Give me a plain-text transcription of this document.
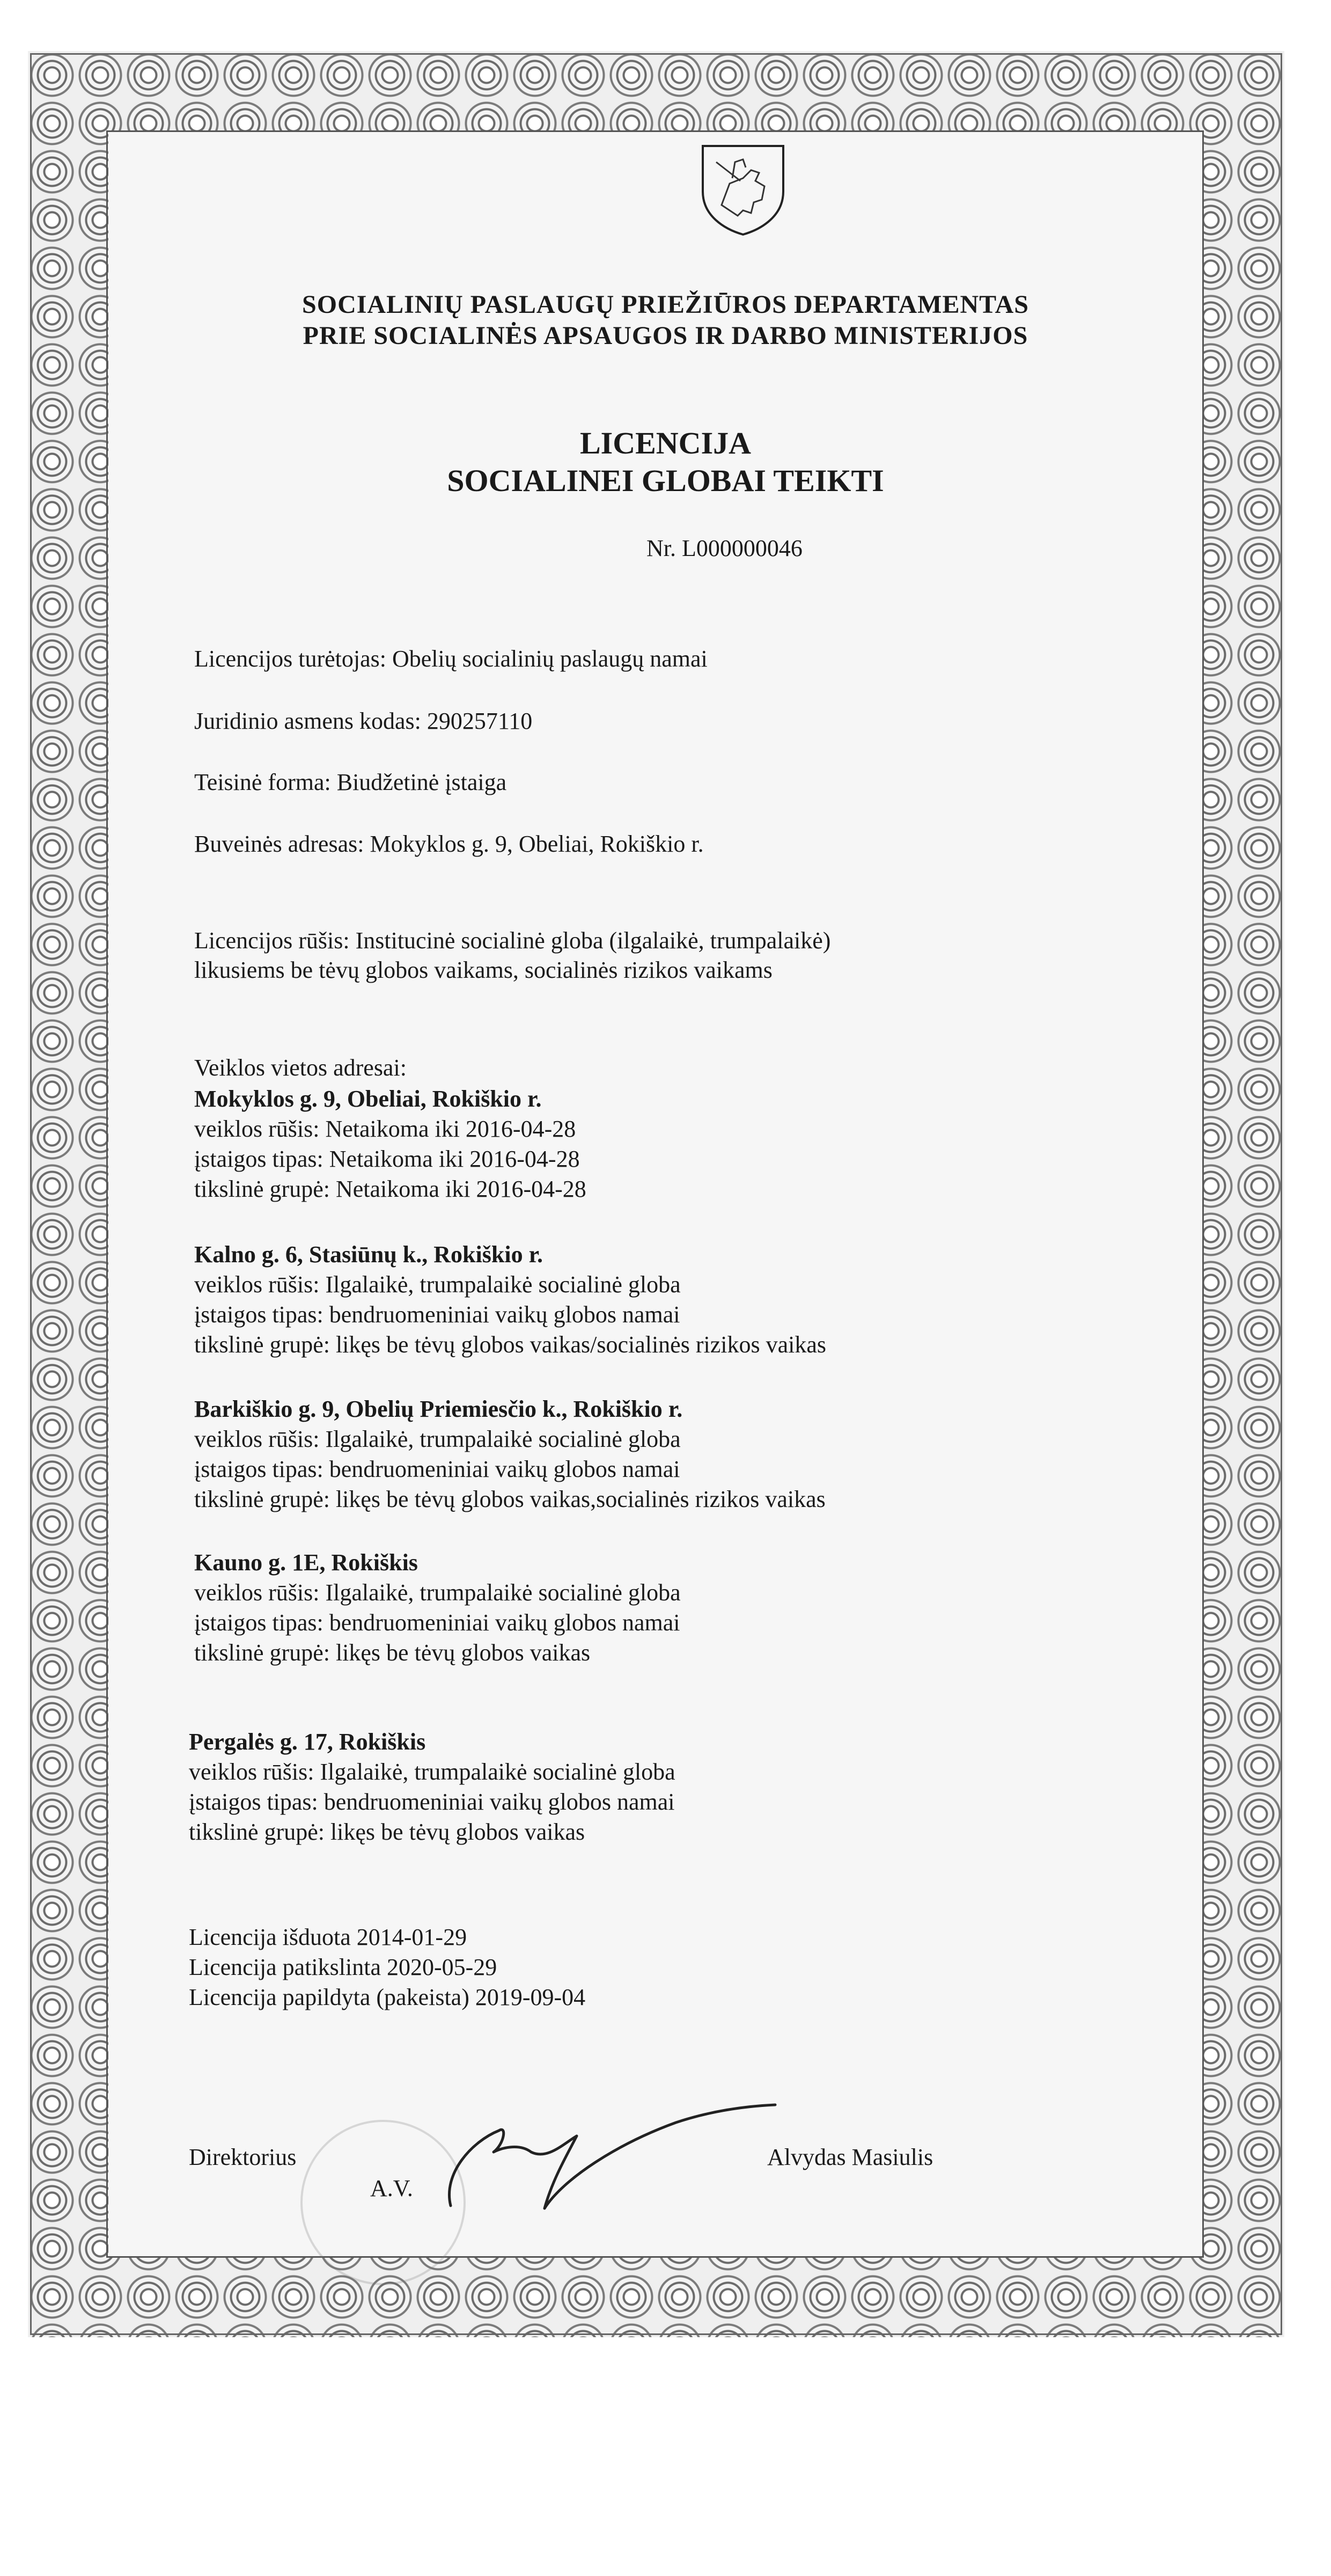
SOCIALINIŲ PASLAUGŲ PRIEŽIŪROS DEPARTAMENTAS
PRIE SOCIALINĖS APSAUGOS IR DARBO MINISTERIJOS
LICENCIJA
SOCIALINEI GLOBAI TEIKTI
Nr. L000000046
Licencijos turėtojas: Obelių socialinių paslaugų namai
Juridinio asmens kodas: 290257110
Teisinė forma: Biudžetinė įstaiga
Buveinės adresas: Mokyklos g. 9, Obeliai, Rokiškio r.
Licencijos rūšis: Institucinė socialinė globa (ilgalaikė, trumpalaikė)
likusiems be tėvų globos vaikams, socialinės rizikos vaikams
Veiklos vietos adresai:
Mokyklos g. 9, Obeliai, Rokiškio r.
veiklos rūšis: Netaikoma iki 2016-04-28
įstaigos tipas: Netaikoma iki 2016-04-28
tikslinė grupė: Netaikoma iki 2016-04-28
Kalno g. 6, Stasiūnų k., Rokiškio r.
veiklos rūšis: Ilgalaikė, trumpalaikė socialinė globa
įstaigos tipas: bendruomeniniai vaikų globos namai
tikslinė grupė: likęs be tėvų globos vaikas/socialinės rizikos vaikas
Barkiškio g. 9, Obelių Priemiesčio k., Rokiškio r.
veiklos rūšis: Ilgalaikė, trumpalaikė socialinė globa
įstaigos tipas: bendruomeniniai vaikų globos namai
tikslinė grupė: likęs be tėvų globos vaikas,socialinės rizikos vaikas
Kauno g. 1E, Rokiškis
veiklos rūšis: Ilgalaikė, trumpalaikė socialinė globa
įstaigos tipas: bendruomeniniai vaikų globos namai
tikslinė grupė: likęs be tėvų globos vaikas
Pergalės g. 17, Rokiškis
veiklos rūšis: Ilgalaikė, trumpalaikė socialinė globa
įstaigos tipas: bendruomeniniai vaikų globos namai
tikslinė grupė: likęs be tėvų globos vaikas
Licencija išduota 2014-01-29
Licencija patikslinta 2020-05-29
Licencija papildyta (pakeista) 2019-09-04
Direktorius
A.V.
Alvydas Masiulis
